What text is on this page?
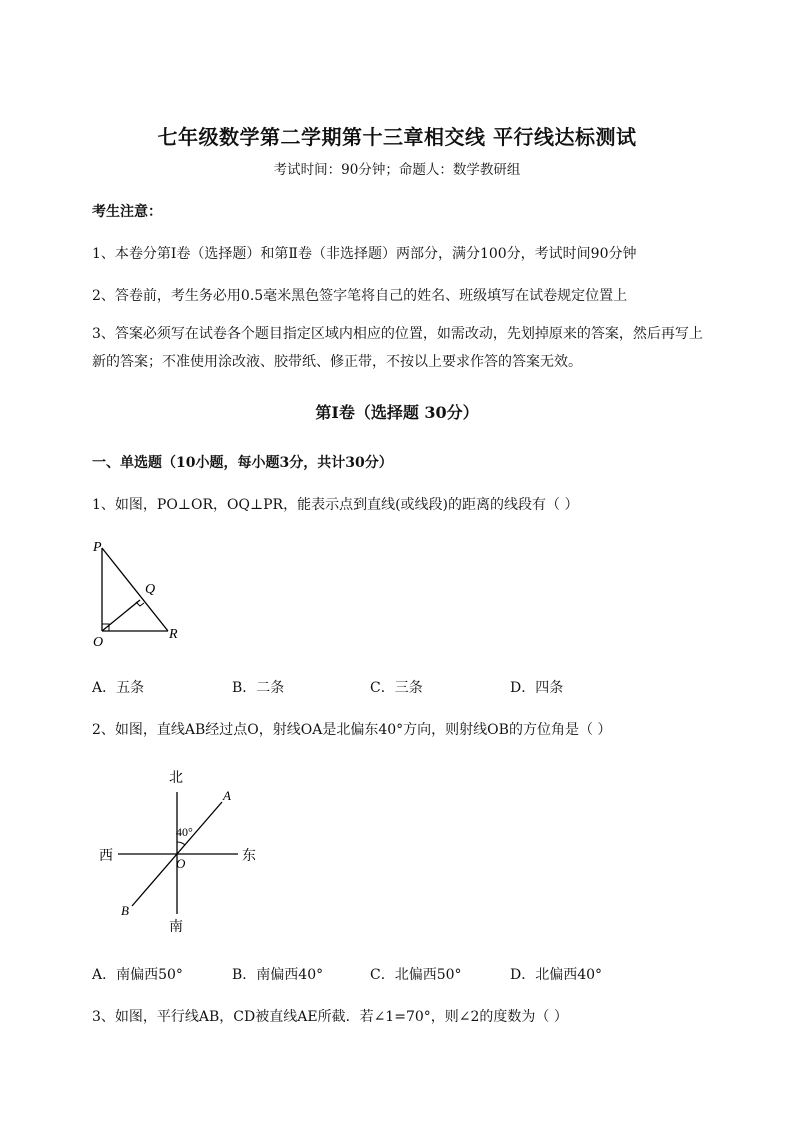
七年级数学第二学期第十三章相交线 平行线达标测试
考试时间：90分钟；命题人：数学教研组
考生注意：
1、本卷分第I卷（选择题）和第Ⅱ卷（非选择题）两部分，满分100分，考试时间90分钟
2、答卷前，考生务必用0.5毫米黑色签字笔将自己的姓名、班级填写在试卷规定位置上
3、答案必须写在试卷各个题目指定区域内相应的位置，如需改动，先划掉原来的答案，然后再写上新的答案；不准使用涂改液、胶带纸、修正带，不按以上要求作答的答案无效。
第I卷（选择题 30分）
一、单选题（10小题，每小题3分，共计30分）
1、如图，PO⊥OR，OQ⊥PR，能表示点到直线(或线段)的距离的线段有（ ）
P
Q
O
R
A．五条	B．二条	C．三条	D．四条
2、如图，直线AB经过点O，射线OA是北偏东40°方向，则射线OB的方位角是（ ）
北
南
东
西
A
B
O
40°
A．南偏西50°	B．南偏西40°	C．北偏西50°	D．北偏西40°
3、如图，平行线AB，CD被直线AE所截．若∠1=70°，则∠2的度数为（ ）
